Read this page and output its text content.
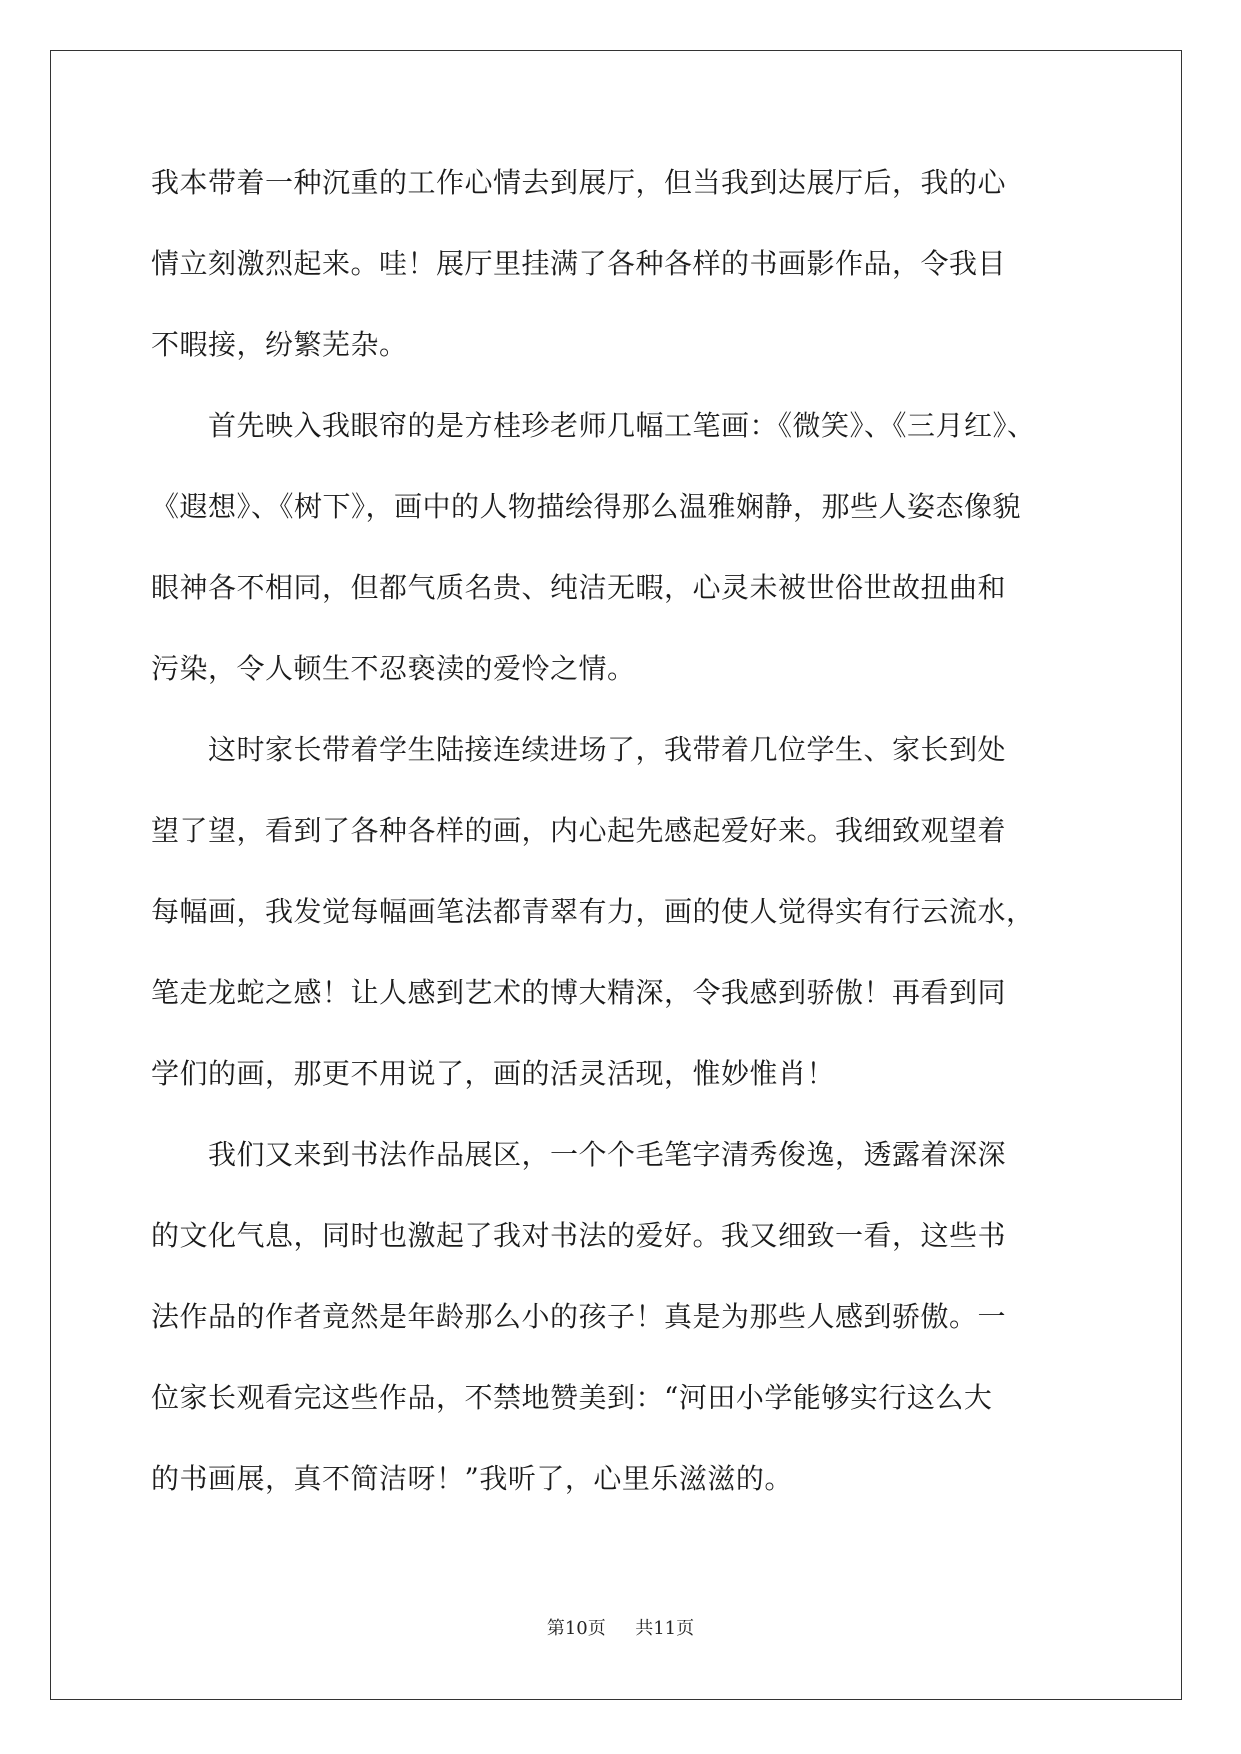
我本带着一种沉重的工作心情去到展厅，但当我到达展厅后，我的心
情立刻激烈起来。哇！展厅里挂满了各种各样的书画影作品，令我目
不暇接，纷繁芜杂。
　　首先映入我眼帘的是方桂珍老师几幅工笔画：《微笑》、《三月红》、
《遐想》、《树下》，画中的人物描绘得那么温雅娴静，那些人姿态像貌
眼神各不相同，但都气质名贵、纯洁无暇，心灵未被世俗世故扭曲和
污染，令人顿生不忍亵渎的爱怜之情。
　　这时家长带着学生陆接连续进场了，我带着几位学生、家长到处
望了望，看到了各种各样的画，内心起先感起爱好来。我细致观望着
每幅画，我发觉每幅画笔法都青翠有力，画的使人觉得实有行云流水，
笔走龙蛇之感！让人感到艺术的博大精深，令我感到骄傲！再看到同
学们的画，那更不用说了，画的活灵活现，惟妙惟肖！
　　我们又来到书法作品展区，一个个毛笔字清秀俊逸，透露着深深
的文化气息，同时也激起了我对书法的爱好。我又细致一看，这些书
法作品的作者竟然是年龄那么小的孩子！真是为那些人感到骄傲。一
位家长观看完这些作品，不禁地赞美到：“河田小学能够实行这么大
的书画展，真不简洁呀！”我听了，心里乐滋滋的。
第10页 共11页
